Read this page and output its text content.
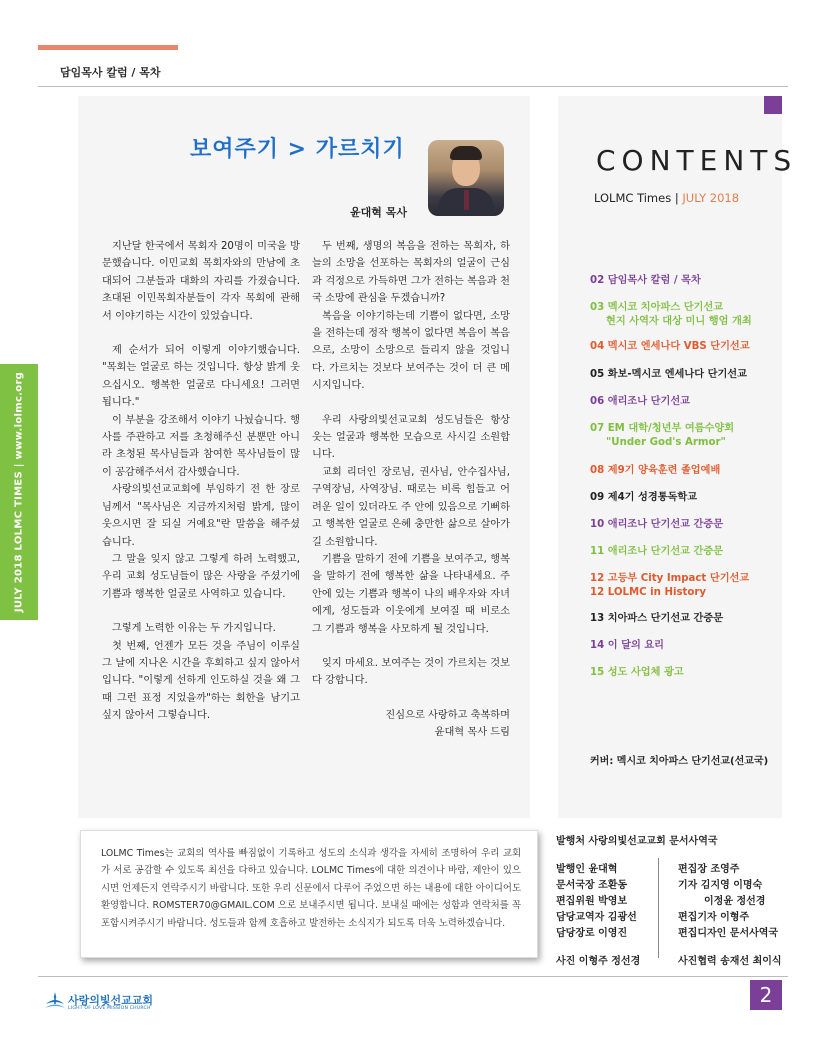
담임목사 칼럼 / 목차
JULY 2018 LOLMC TIMES | www.lolmc.org
보여주기 > 가르치기
윤대혁 목사

지난달 한국에서 목회자 20명이 미국을 방문했습니다. 이민교회 목회자와의 만남에 초대되어 그분들과 대화의 자리를 가졌습니다. 초대된 이민목회자분들이 각자 목회에 관해서 이야기하는 시간이 있었습니다.

제 순서가 되어 이렇게 이야기했습니다. "목회는 얼굴로 하는 것입니다. 항상 밝게 웃으십시오. 행복한 얼굴로 다니세요! 그러면 됩니다."

이 부분을 강조해서 이야기 나눴습니다. 행사를 주관하고 저를 초청해주신 분뿐만 아니라 초청된 목사님들과 참여한 목사님들이 많이 공감해주셔서 감사했습니다.

사랑의빛선교교회에 부임하기 전 한 장로님께서 "목사님은 지금까지처럼 밝게, 많이 웃으시면 잘 되실 거예요"란 말씀을 해주셨습니다.

그 말을 잊지 않고 그렇게 하려 노력했고, 우리 교회 성도님들이 많은 사랑을 주셨기에 기쁨과 행복한 얼굴로 사역하고 있습니다.

그렇게 노력한 이유는 두 가지입니다.

첫 번째, 언젠가 모든 것을 주님이 이루실 그 날에 지나온 시간을 후회하고 싶지 않아서입니다. "이렇게 선하게 인도하실 것을 왜 그때 그런 표정 지었을까"하는 회한을 남기고 싶지 않아서 그렇습니다.

두 번째, 생명의 복음을 전하는 목회자, 하늘의 소망을 선포하는 목회자의 얼굴이 근심과 걱정으로 가득하면 그가 전하는 복음과 천국 소망에 관심을 두겠습니까?

복음을 이야기하는데 기쁨이 없다면, 소망을 전하는데 정작 행복이 없다면 복음이 복음으로, 소망이 소망으로 들리지 않을 것입니다. 가르치는 것보다 보여주는 것이 더 큰 메시지입니다.

우리 사랑의빛선교교회 성도님들은 항상 웃는 얼굴과 행복한 모습으로 사시길 소원합니다.

교회 리더인 장로님, 권사님, 안수집사님, 구역장님, 사역장님. 때로는 비록 힘들고 어려운 일이 있더라도 주 안에 있음으로 기뻐하고 행복한 얼굴로 은혜 충만한 삶으로 살아가길 소원합니다.

기쁨을 말하기 전에 기쁨을 보여주고, 행복을 말하기 전에 행복한 삶을 나타내세요. 주 안에 있는 기쁨과 행복이 나의 배우자와 자녀에게, 성도들과 이웃에게 보여질 때 비로소 그 기쁨과 행복을 사모하게 될 것입니다.

잊지 마세요. 보여주는 것이 가르치는 것보다 강합니다.

진심으로 사랑하고 축복하며

윤대혁 목사 드림

LOLMC Times는 교회의 역사를 빠짐없이 기록하고 성도의 소식과 생각을 자세히 조명하여 우리 교회가 서로 공감할 수 있도록 최선을 다하고 있습니다. LOLMC Times에 대한 의견이나 바람, 제안이 있으시면 언제든지 연락주시기 바랍니다. 또한 우리 신문에서 다루어 주었으면 하는 내용에 대한 아이디어도 환영합니다. ROMSTER70@GMAIL.COM 으로 보내주시면 됩니다. 보내실 때에는 성함과 연락처를 꼭 포함시켜주시기 바랍니다. 성도들과 함께 호흡하고 발전하는 소식지가 되도록 더욱 노력하겠습니다.

CONTENTS
LOLMC Times | JULY 2018
02 담임목사 칼럼 / 목차
03 멕시코 치아파스 단기선교
현지 사역자 대상 미니 행엄 개최
04 멕시코 엔세나다 VBS 단기선교
05 화보-멕시코 엔세나다 단기선교
06 애리조나 단기선교
07 EM 대학/청년부 여름수양회
"Under God's Armor"
08 제9기 양육훈련 졸업예배
09 제4기 성경통독학교
10 애리조나 단기선교 간증문
11 애리조나 단기선교 간증문
12 고등부 City Impact 단기선교
12 LOLMC in History
13 치아파스 단기선교 간증문
14 이 달의 요리
15 성도 사업체 광고
커버: 멕시코 치아파스 단기선교(선교국)
발행처 사랑의빛선교교회 문서사역국
발행인 윤대혁
문서국장 조환동
편집위원 박영보
담당교역자 김광선
담당장로 이영진
편집장 조영주
기자 김지영 이명숙
이정윤 정선경
편집기자 이형주
편집디자인 문서사역국
사진 이형주 정선경	사진협력 송재선 최이식
사랑의빛선교교회
LIGHT OF LOVE MISSION CHURCH
2
